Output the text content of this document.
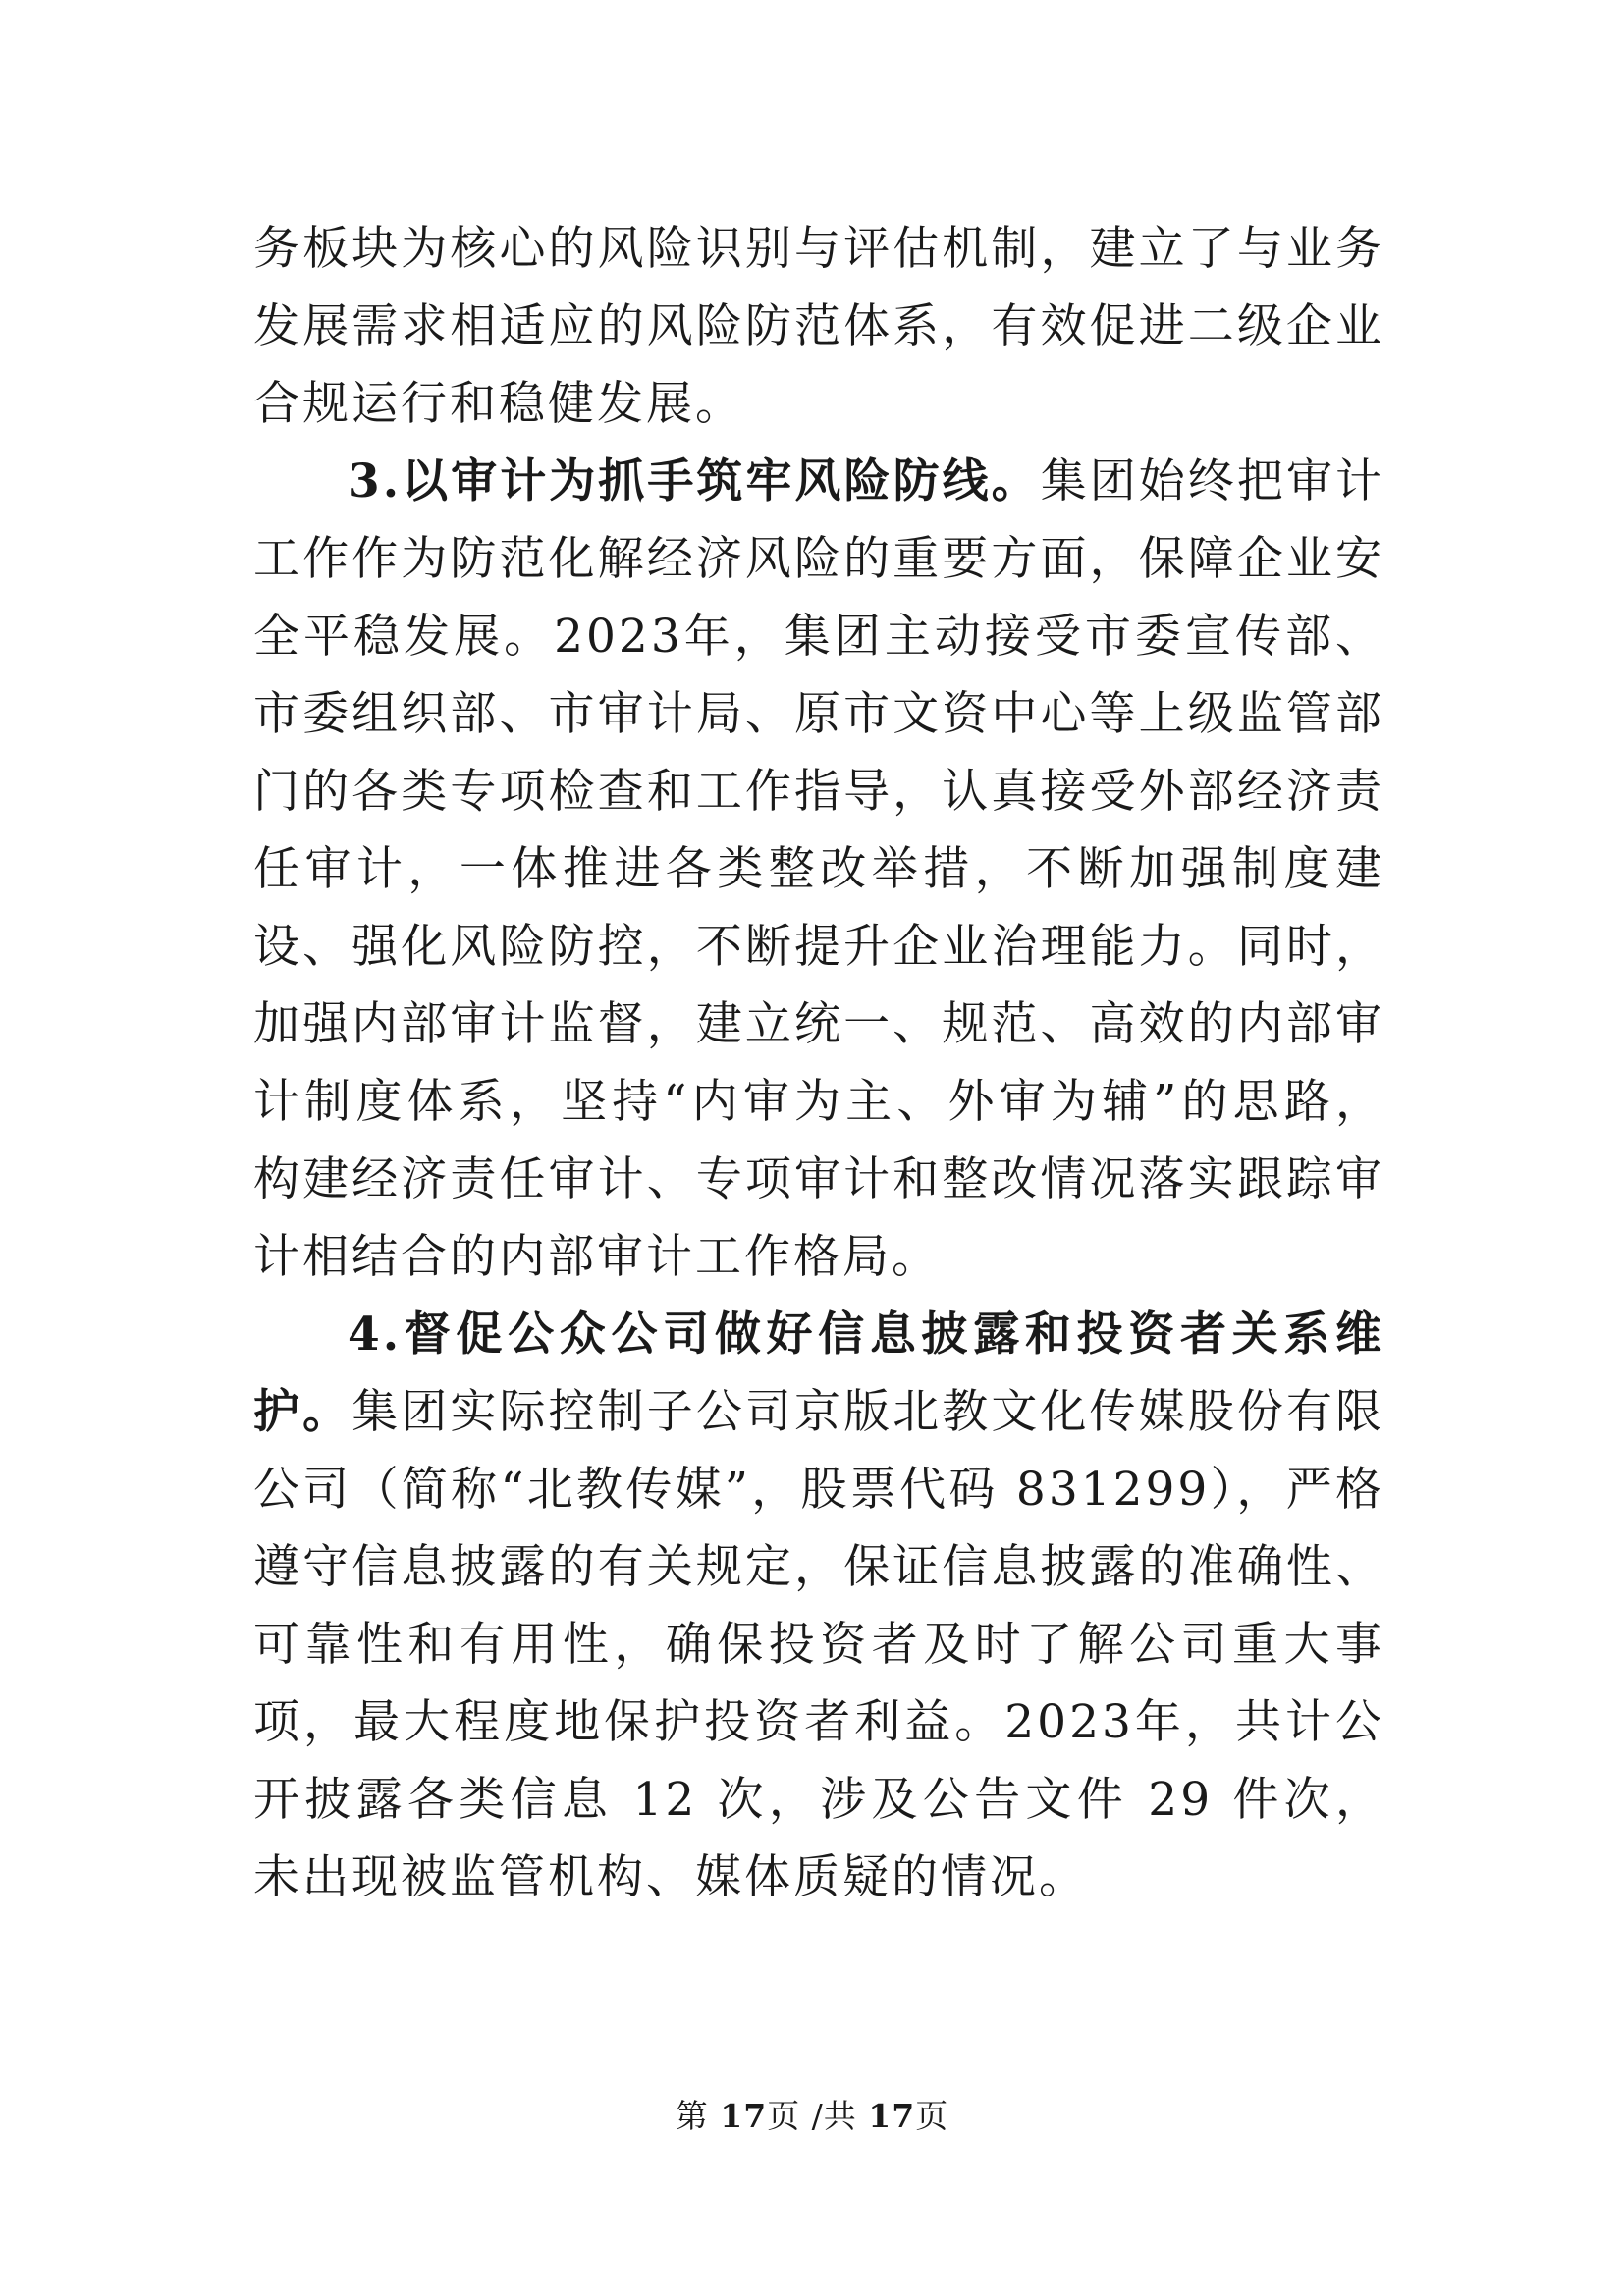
务板块为核心的风险识别与评估机制，建立了与业务发展需求相适应的风险防范体系，有效促进二级企业合规运行和稳健发展。

3.以审计为抓手筑牢风险防线。集团始终把审计工作作为防范化解经济风险的重要方面，保障企业安全平稳发展。2023年，集团主动接受市委宣传部、市委组织部、市审计局、原市文资中心等上级监管部门的各类专项检查和工作指导，认真接受外部经济责任审计，一体推进各类整改举措，不断加强制度建设、强化风险防控，不断提升企业治理能力。同时，加强内部审计监督，建立统一、规范、高效的内部审计制度体系，坚持“内审为主、外审为辅”的思路，构建经济责任审计、专项审计和整改情况落实跟踪审计相结合的内部审计工作格局。

4.督促公众公司做好信息披露和投资者关系维护。集团实际控制子公司京版北教文化传媒股份有限公司（简称“北教传媒”，股票代码 831299），严格遵守信息披露的有关规定，保证信息披露的准确性、可靠性和有用性，确保投资者及时了解公司重大事项，最大程度地保护投资者利益。2023年，共计公开披露各类信息 12 次，涉及公告文件 29 件次，未出现被监管机构、媒体质疑的情况。

第 17页 /共 17页
